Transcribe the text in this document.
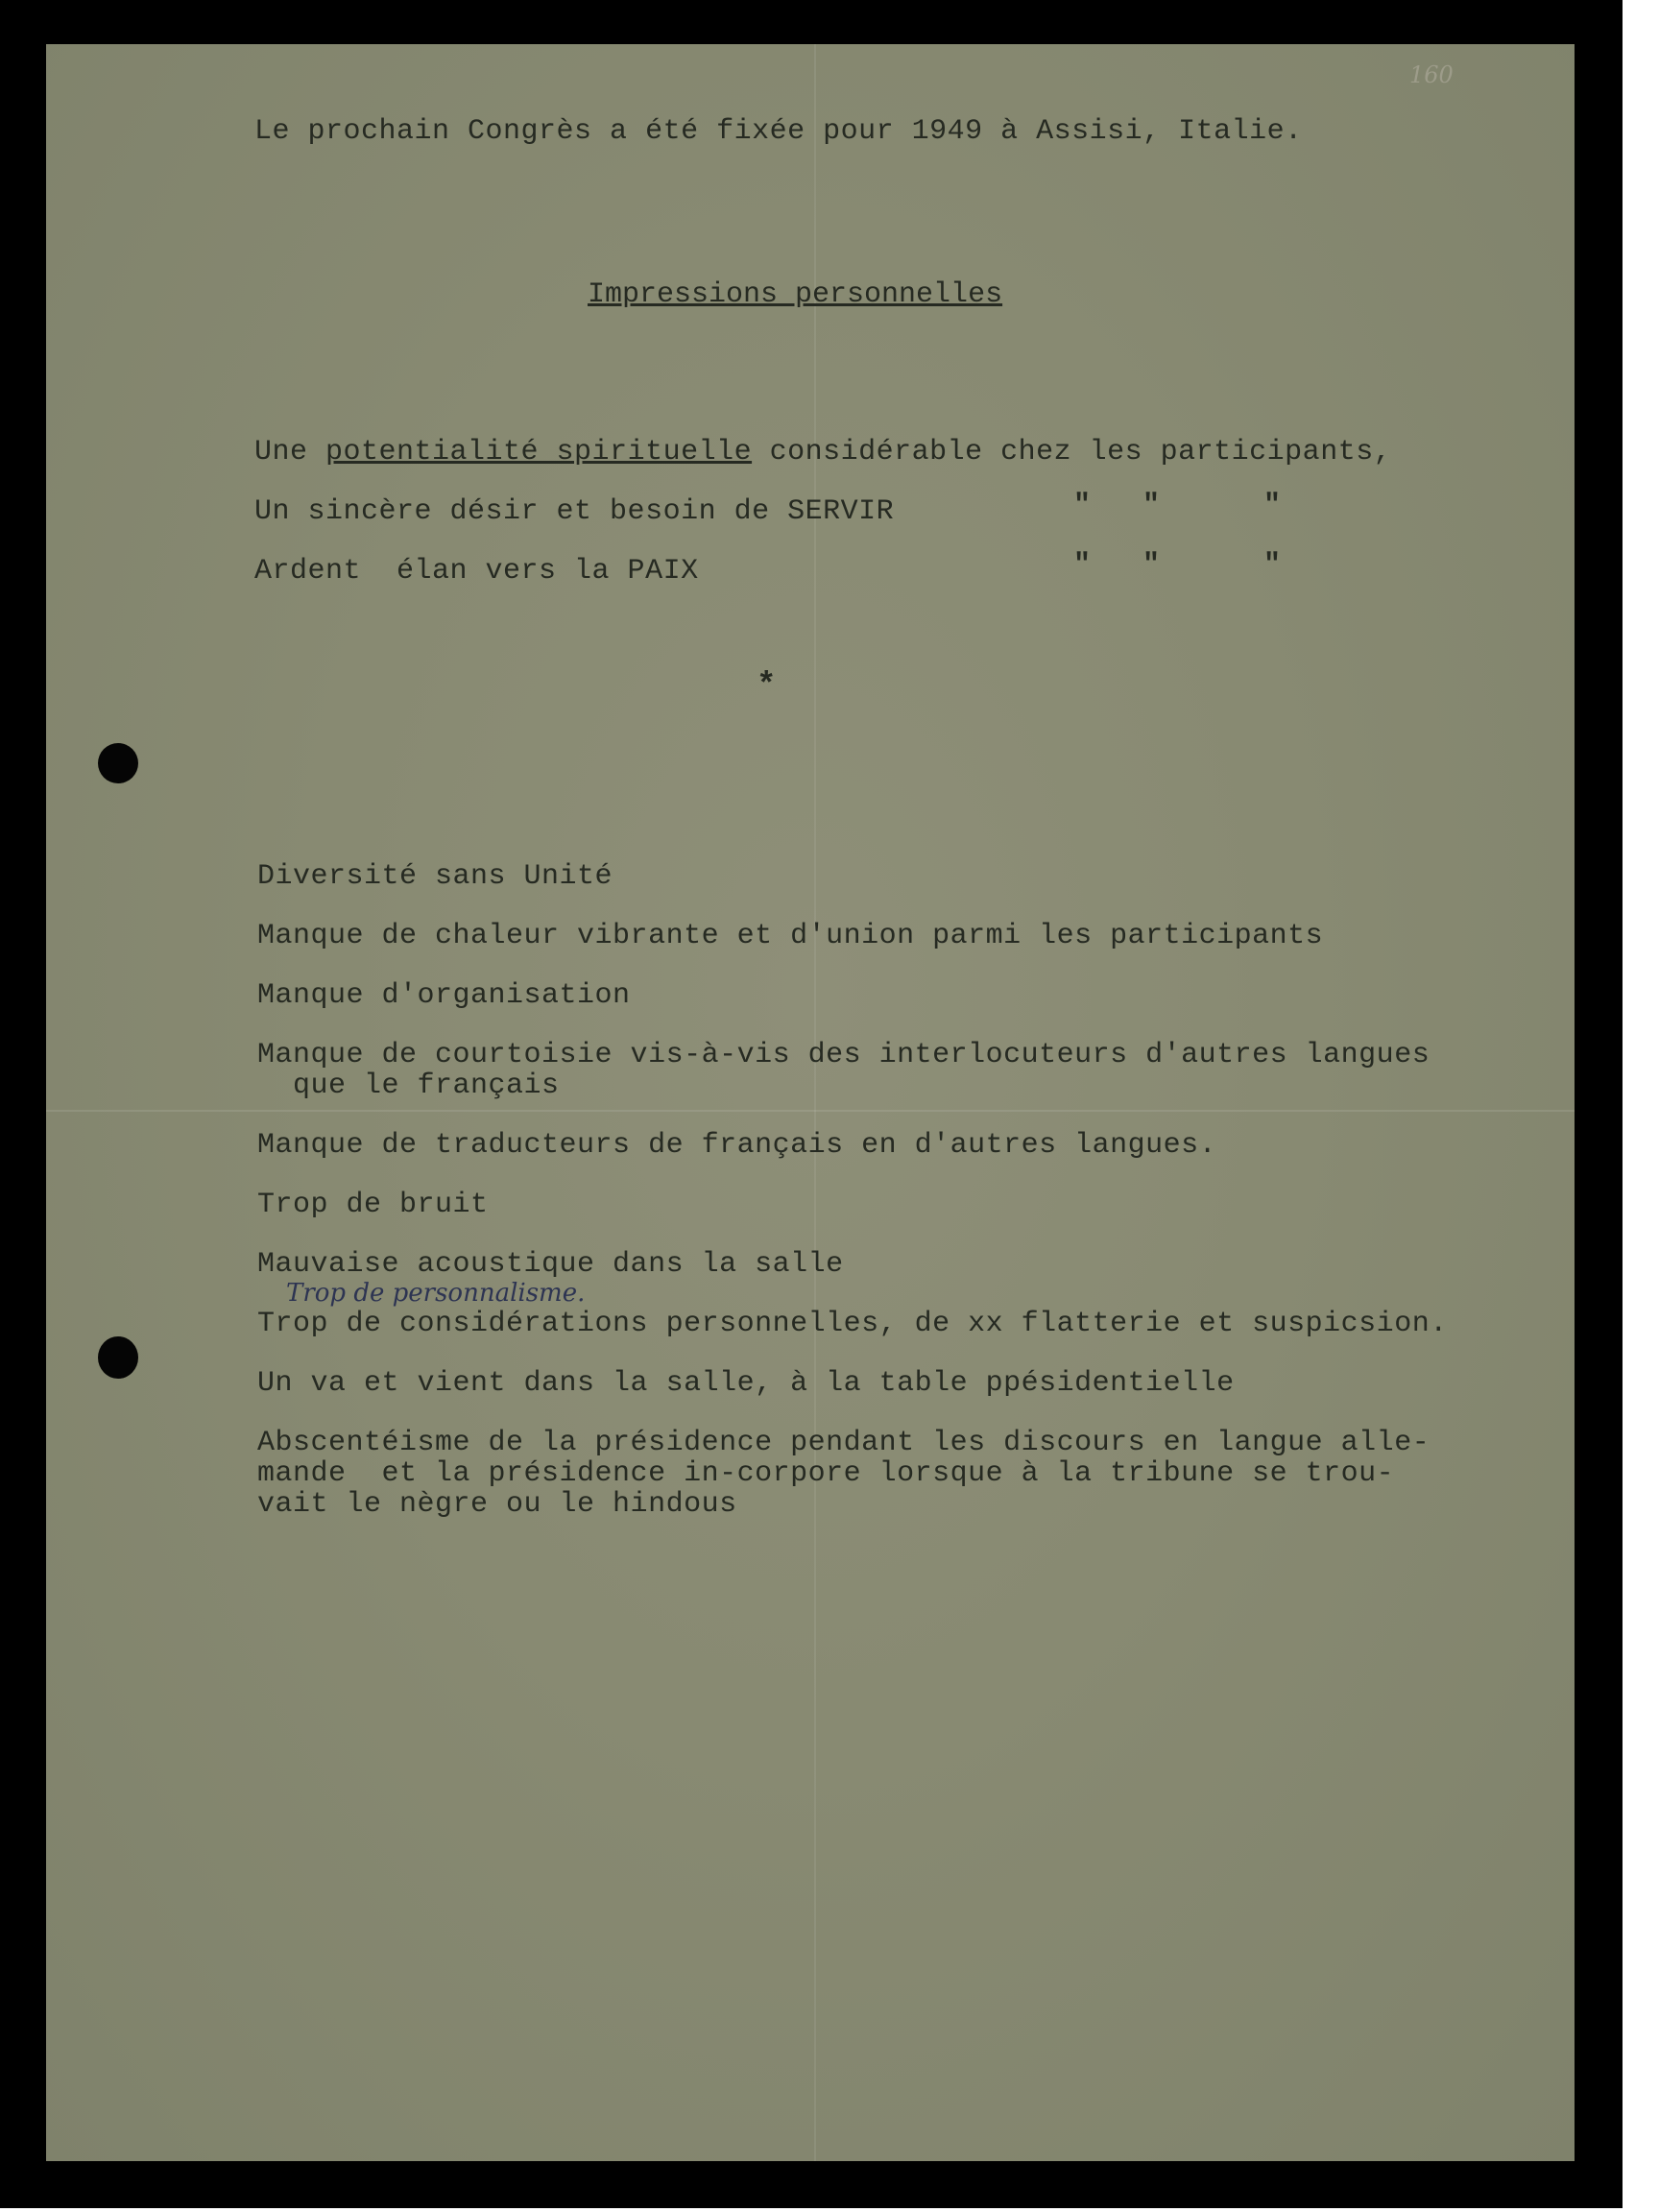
160
Le prochain Congrès a été fixée pour 1949 à Assisi, Italie.
Impressions personnelles
Une potentialité spirituelle considérable chez les participants,
Un sincère désir et besoin de SERVIR	"   "      "
Ardent  élan vers la PAIX	"   "      "
*
Diversité sans Unité
Manque de chaleur vibrante et d'union parmi les participants
Manque d'organisation
Manque de courtoisie vis-à-vis des interlocuteurs d'autres langues
que le français
Manque de traducteurs de français en d'autres langues.
Trop de bruit
Mauvaise acoustique dans la salle
Trop de personnalisme.
Trop de considérations personnelles, de xx flatterie et suspicsion.
Un va et vient dans la salle, à la table ppésidentielle
Abscentéisme de la présidence pendant les discours en langue alle-
mande  et la présidence in-corpore lorsque à la tribune se trou-
vait le nègre ou le hindous
